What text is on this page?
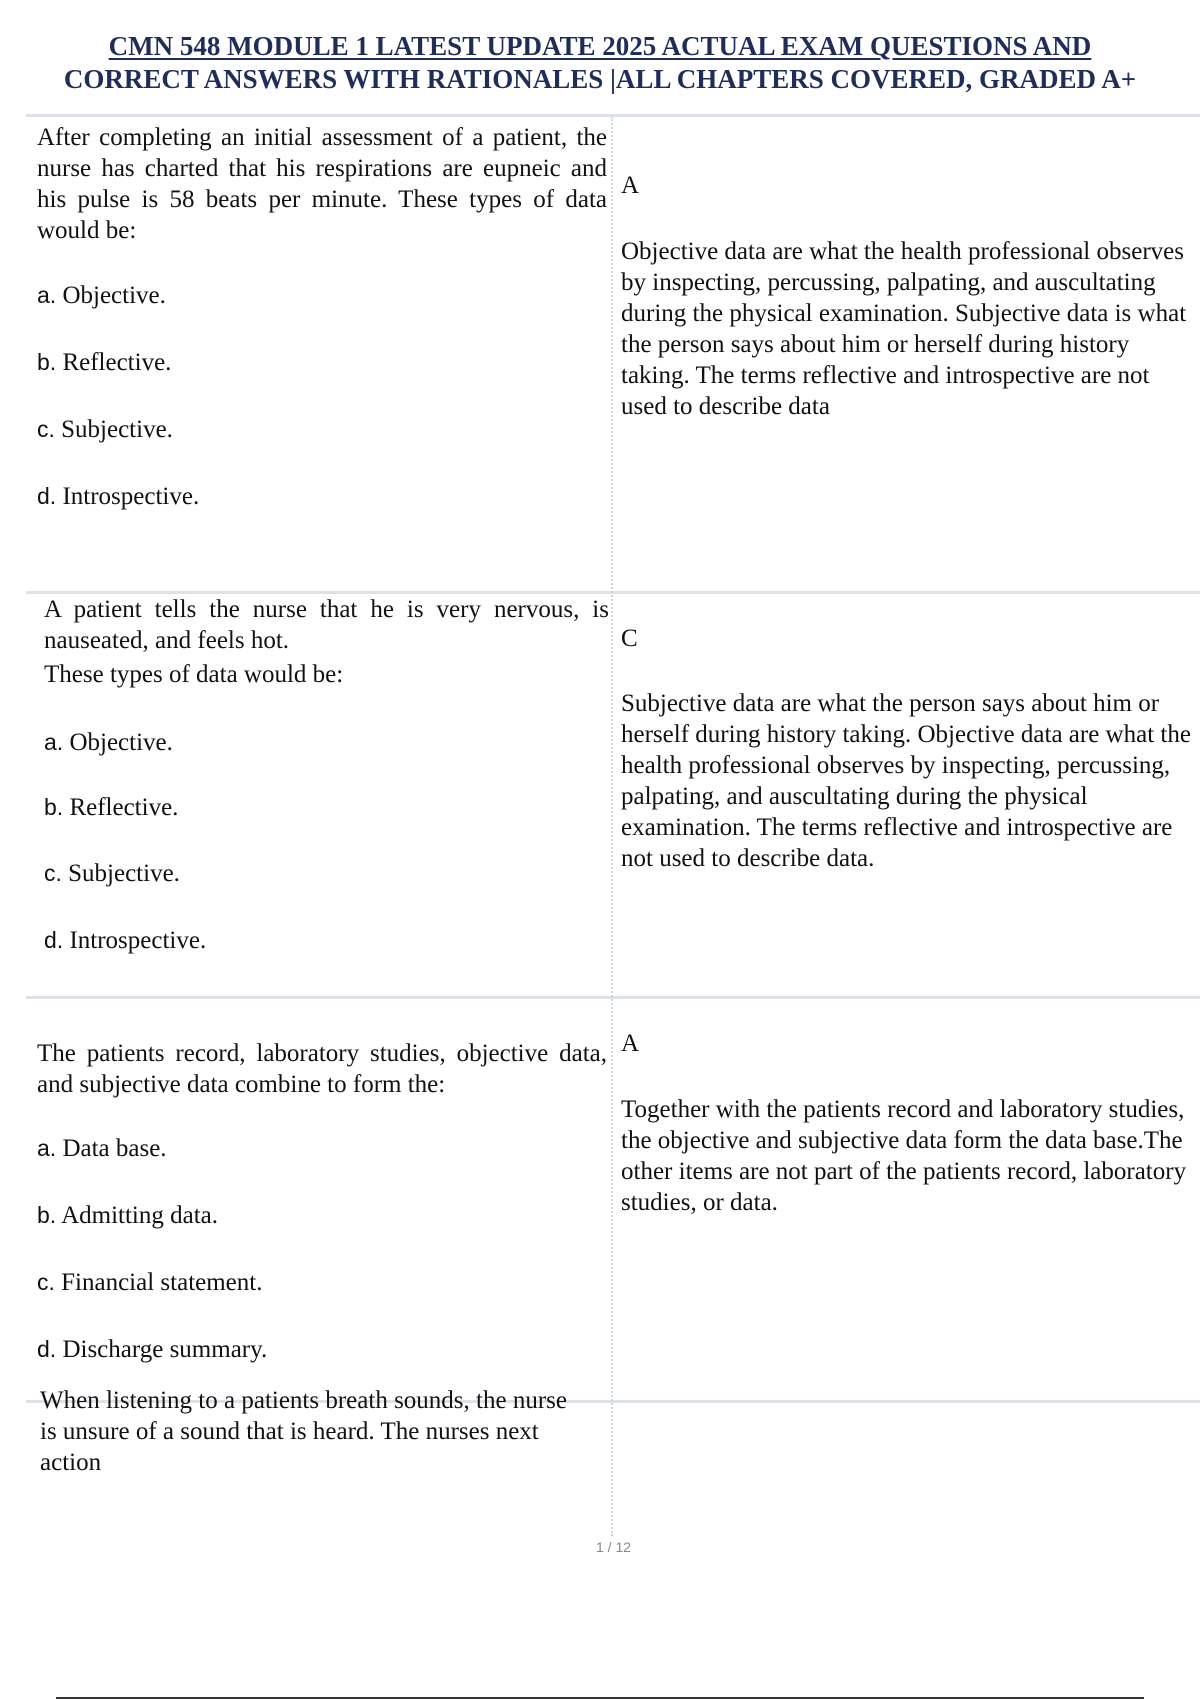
CMN 548 MODULE 1 LATEST UPDATE 2025 ACTUAL EXAM QUESTIONS AND
CORRECT ANSWERS WITH RATIONALES |ALL CHAPTERS COVERED, GRADED A+

After completing an initial assessment of a patient, the nurse has charted that his respirations are eupneic and his pulse is 58 beats per minute. These types of data would be:

a. Objective.
b. Reflective.
c. Subjective.
d. Introspective.
A
Objective data are what the health professional observes by inspecting, percussing, palpating, and auscultating during the physical examination. Subjective data is what the person says about him or herself during history taking. The terms reflective and introspective are not used to describe data

A patient tells the nurse that he is very nervous, is nauseated, and feels hot.

These types of data would be:

a. Objective.
b. Reflective.
c. Subjective.
d. Introspective.
C
Subjective data are what the person says about him or herself during history taking. Objective data are what the health professional observes by inspecting, percussing, palpating, and auscultating during the physical examination. The terms reflective and introspective are not used to describe data.

The patients record, laboratory studies, objective data, and subjective data combine to form the:

a. Data base.
b. Admitting data.
c. Financial statement.
d. Discharge summary.
A
Together with the patients record and laboratory studies, the objective and subjective data form the data base.The other items are not part of the patients record, laboratory studies, or data.

When listening to a patients breath sounds, the nurse is unsure of a sound that is heard. The nurses next action

1 / 12
